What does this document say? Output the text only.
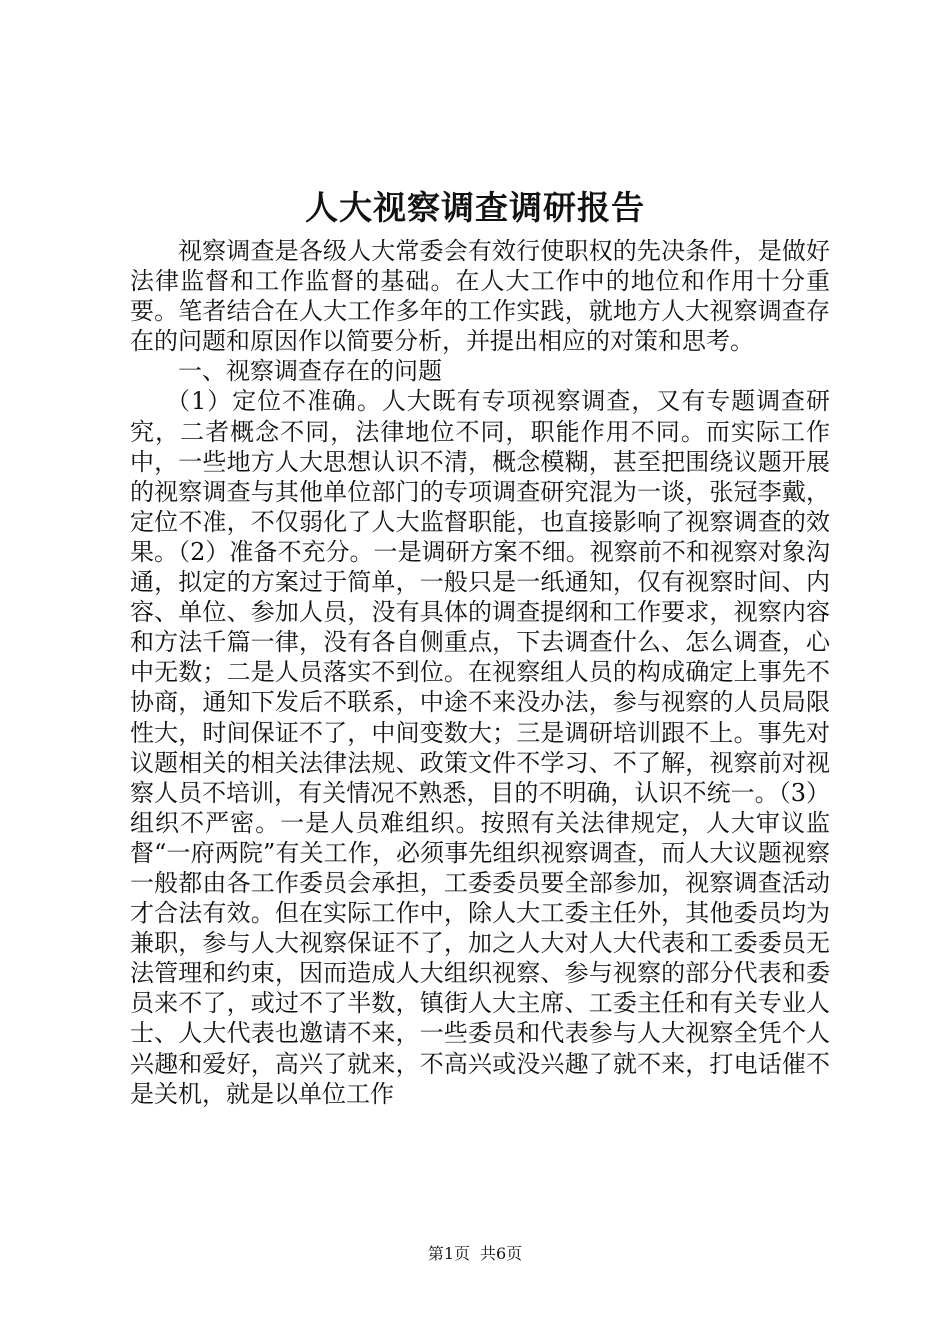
人大视察调查调研报告

视察调查是各级人大常委会有效行使职权的先决条件，是做好法律监督和工作监督的基础。在人大工作中的地位和作用十分重要。笔者结合在人大工作多年的工作实践，就地方人大视察调查存在的问题和原因作以简要分析，并提出相应的对策和思考。

一、视察调查存在的问题

（1）定位不准确。人大既有专项视察调查，又有专题调查研究，二者概念不同，法律地位不同，职能作用不同。而实际工作中，一些地方人大思想认识不清，概念模糊，甚至把围绕议题开展的视察调查与其他单位部门的专项调查研究混为一谈，张冠李戴，定位不准，不仅弱化了人大监督职能，也直接影响了视察调查的效果。（2）准备不充分。一是调研方案不细。视察前不和视察对象沟通，拟定的方案过于简单，一般只是一纸通知，仅有视察时间、内容、单位、参加人员，没有具体的调查提纲和工作要求，视察内容和方法千篇一律，没有各自侧重点，下去调查什么、怎么调查，心中无数；二是人员落实不到位。在视察组人员的构成确定上事先不协商，通知下发后不联系，中途不来没办法，参与视察的人员局限性大，时间保证不了，中间变数大；三是调研培训跟不上。事先对议题相关的相关法律法规、政策文件不学习、不了解，视察前对视察人员不培训，有关情况不熟悉，目的不明确，认识不统一。（3）组织不严密。一是人员难组织。按照有关法律规定，人大审议监督“一府两院”有关工作，必须事先组织视察调查，而人大议题视察一般都由各工作委员会承担，工委委员要全部参加，视察调查活动才合法有效。但在实际工作中，除人大工委主任外，其他委员均为兼职，参与人大视察保证不了，加之人大对人大代表和工委委员无法管理和约束，因而造成人大组织视察、参与视察的部分代表和委员来不了，或过不了半数，镇街人大主席、工委主任和有关专业人士、人大代表也邀请不来，一些委员和代表参与人大视察全凭个人兴趣和爱好，高兴了就来，不高兴或没兴趣了就不来，打电话催不是关机，就是以单位工作

第1页 共6页
